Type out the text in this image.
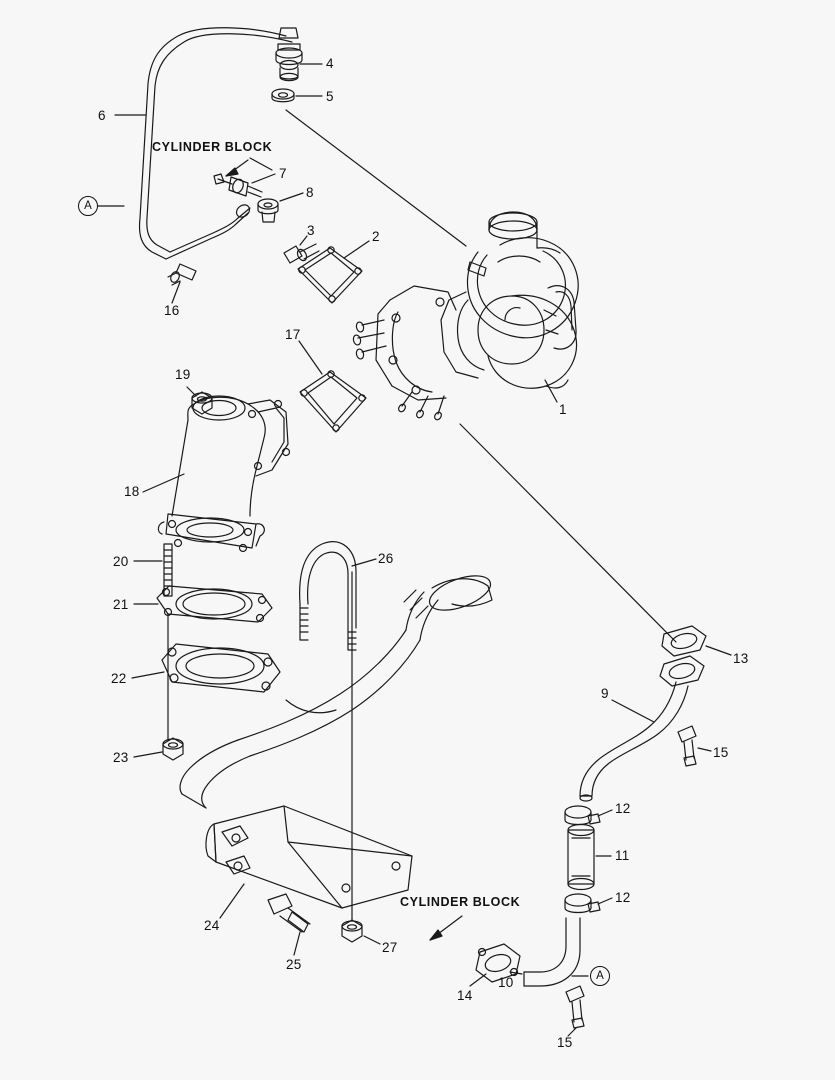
CYLINDER BLOCK
CYLINDER BLOCK
A
A
1
2
3
4
5
6
7
8
9
10
11
12
12
13
14
15
15
16
17
18
19
20
21
22
23
24
25
26
27
